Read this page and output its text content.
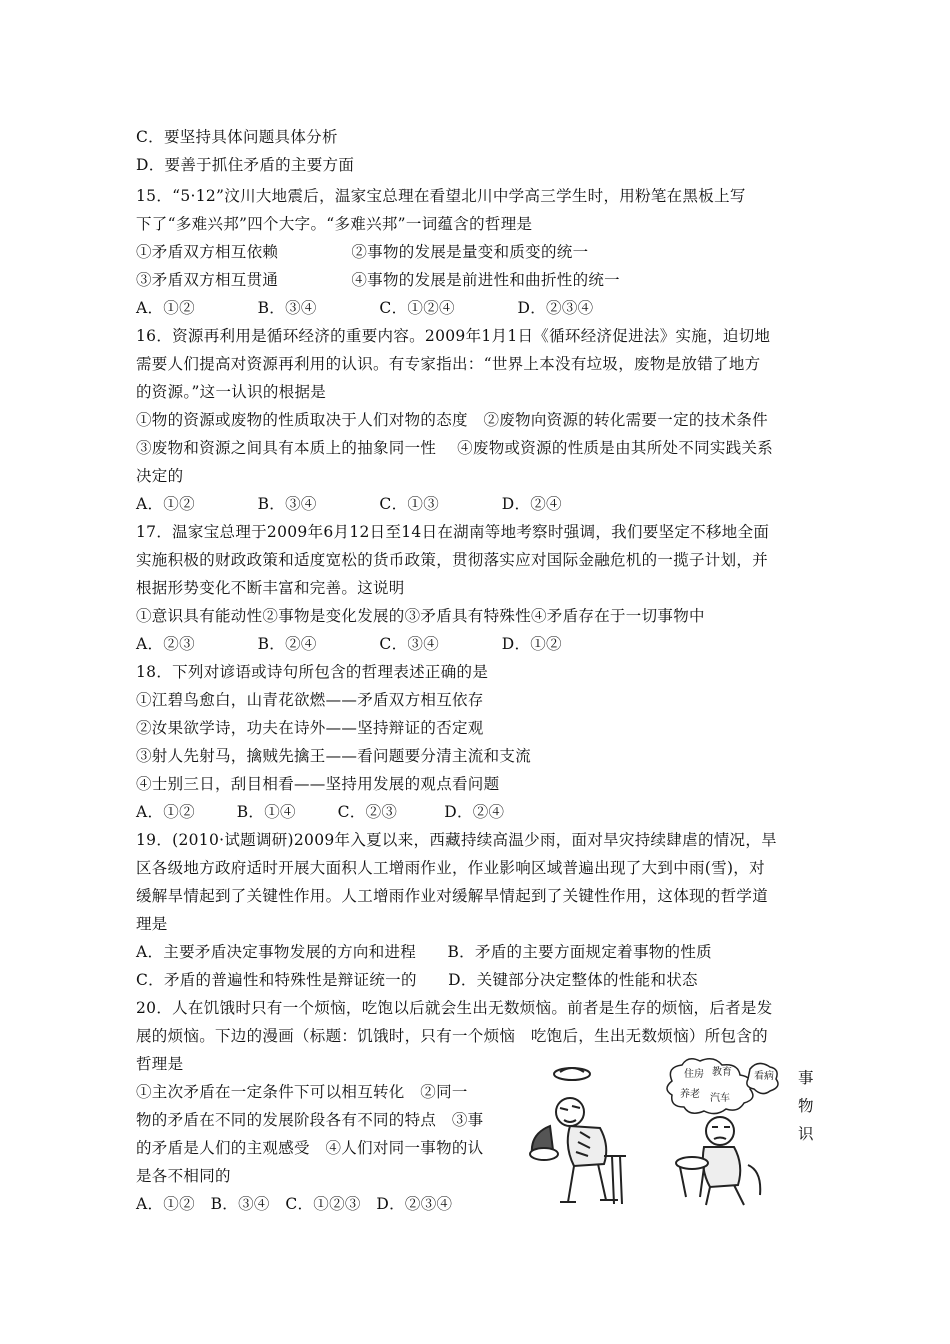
C．要坚持具体问题具体分析
D．要善于抓住矛盾的主要方面
15．“5·12”汶川大地震后，温家宝总理在看望北川中学高三学生时，用粉笔在黑板上写
下了“多难兴邦”四个大字。“多难兴邦”一词蕴含的哲理是
①矛盾双方相互依赖              ②事物的发展是量变和质变的统一
③矛盾双方相互贯通              ④事物的发展是前进性和曲折性的统一
A．①②            B．③④            C．①②④            D．②③④
16．资源再利用是循环经济的重要内容。2009年1月1日《循环经济促进法》实施，迫切地
需要人们提高对资源再利用的认识。有专家指出：“世界上本没有垃圾，废物是放错了地方
的资源。”这一认识的根据是
①物的资源或废物的性质取决于人们对物的态度   ②废物向资源的转化需要一定的技术条件
③废物和资源之间具有本质上的抽象同一性    ④废物或资源的性质是由其所处不同实践关系
决定的
A．①②            B．③④            C．①③            D．②④
17．温家宝总理于2009年6月12日至14日在湖南等地考察时强调，我们要坚定不移地全面
实施积极的财政政策和适度宽松的货币政策，贯彻落实应对国际金融危机的一揽子计划，并
根据形势变化不断丰富和完善。这说明
①意识具有能动性②事物是变化发展的③矛盾具有特殊性④矛盾存在于一切事物中
A．②③            B．②④            C．③④            D．①②
18．下列对谚语或诗句所包含的哲理表述正确的是
①江碧鸟愈白，山青花欲燃——矛盾双方相互依存
②汝果欲学诗，功夫在诗外——坚持辩证的否定观
③射人先射马，擒贼先擒王——看问题要分清主流和支流
④士别三日，刮目相看——坚持用发展的观点看问题
A．①②        B．①④        C．②③         D．②④
19．(2010·试题调研)2009年入夏以来，西藏持续高温少雨，面对旱灾持续肆虐的情况，旱
区各级地方政府适时开展大面积人工增雨作业，作业影响区域普遍出现了大到中雨(雪)，对
缓解旱情起到了关键性作用。人工增雨作业对缓解旱情起到了关键性作用，这体现的哲学道
理是
A．主要矛盾决定事物发展的方向和进程      B．矛盾的主要方面规定着事物的性质
C．矛盾的普遍性和特殊性是辩证统一的      D．关键部分决定整体的性能和状态
20．人在饥饿时只有一个烦恼，吃饱以后就会生出无数烦恼。前者是生存的烦恼，后者是发
展的烦恼。下边的漫画（标题：饥饿时，只有一个烦恼   吃饱后，生出无数烦恼）所包含的
哲理是
①主次矛盾在一定条件下可以相互转化   ②同一
物的矛盾在不同的发展阶段各有不同的特点   ③事
的矛盾是人们的主观感受   ④人们对同一事物的认
是各不相同的
A．①②   B．③④   C．①②③   D．②③④
事
物
识
住房 教育 看病
养老 汽车
